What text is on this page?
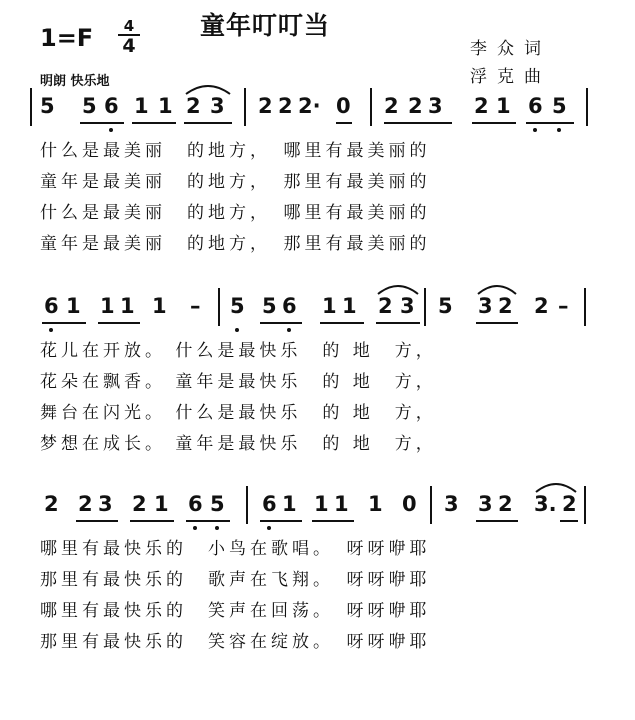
童年叮叮当
1=F	4
4
明朗 快乐地
李众词
浮克曲
5 5 6 1 1 2 3 2 2 2· 0 2 2 3 2 1 6 5
什么是最美丽　的地方，　哪里有最美丽的
童年是最美丽　的地方，　那里有最美丽的
什么是最美丽　的地方，　哪里有最美丽的
童年是最美丽　的地方，　那里有最美丽的
6 1 1 1 1 – 5 5 6 1 1 2 3 5 3 2 2 –
花儿在开放。 什么是最快乐　的 地　方，
花朵在飘香。 童年是最快乐　的 地　方，
舞台在闪光。 什么是最快乐　的 地　方，
梦想在成长。 童年是最快乐　的 地　方，
2 2 3 2 1 6 5 6 1 1 1 1 0 3 3 2 3. 2
哪里有最快乐的　小鸟在歌唱。　呀呀咿耶
那里有最快乐的　歌声在飞翔。　呀呀咿耶
哪里有最快乐的　笑声在回荡。　呀呀咿耶
那里有最快乐的　笑容在绽放。　呀呀咿耶
